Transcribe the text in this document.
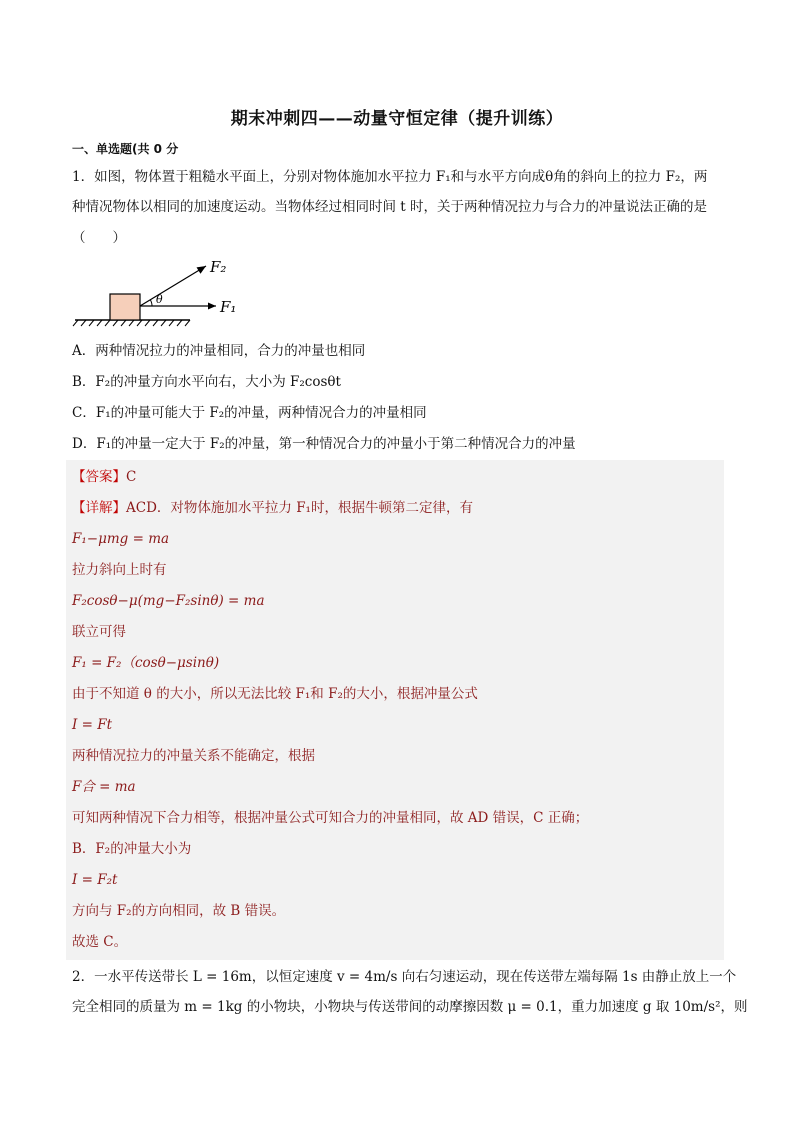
期末冲刺四——动量守恒定律（提升训练）
一、单选题(共 0 分
1．如图，物体置于粗糙水平面上，分别对物体施加水平拉力 F₁和与水平方向成θ角的斜向上的拉力 F₂，两
种情况物体以相同的加速度运动。当物体经过相同时间 t 时，关于两种情况拉力与合力的冲量说法正确的是
（　　）
θ
F₂
F₁
A．两种情况拉力的冲量相同，合力的冲量也相同
B．F₂的冲量方向水平向右，大小为 F₂cosθt
C．F₁的冲量可能大于 F₂的冲量，两种情况合力的冲量相同
D．F₁的冲量一定大于 F₂的冲量，第一种情况合力的冲量小于第二种情况合力的冲量
【答案】C
【详解】ACD．对物体施加水平拉力 F₁时，根据牛顿第二定律，有
F₁−μmg = ma
拉力斜向上时有
F₂cosθ−μ(mg−F₂sinθ) = ma
联立可得
F₁ = F₂（cosθ−μsinθ)
由于不知道 θ 的大小，所以无法比较 F₁和 F₂的大小，根据冲量公式
I = Ft
两种情况拉力的冲量关系不能确定，根据
F合 = ma
可知两种情况下合力相等，根据冲量公式可知合力的冲量相同，故 AD 错误，C 正确；
B．F₂的冲量大小为
I = F₂t
方向与 F₂的方向相同，故 B 错误。
故选 C。
2．一水平传送带长 L = 16m，以恒定速度 v = 4m/s 向右匀速运动，现在传送带左端每隔 1s 由静止放上一个
完全相同的质量为 m = 1kg 的小物块，小物块与传送带间的动摩擦因数 μ = 0.1，重力加速度 g 取 10m/s²，则
